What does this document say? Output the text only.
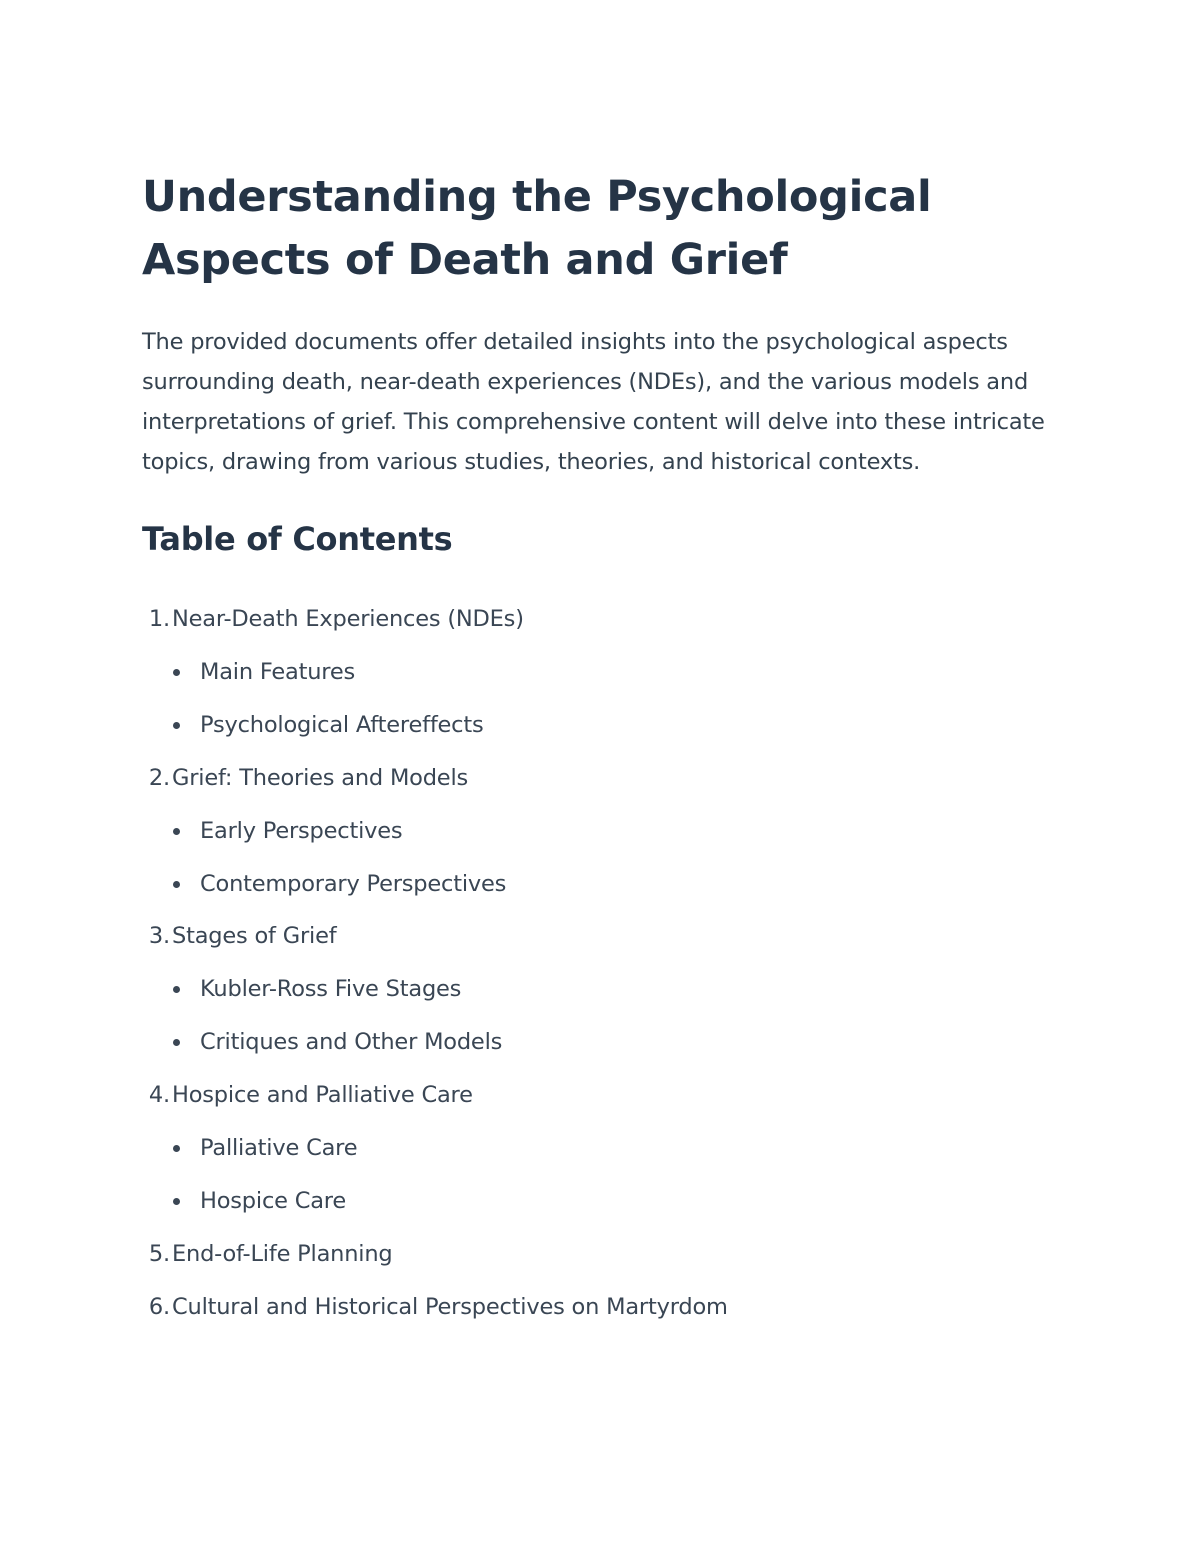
Understanding the Psychological Aspects of Death and Grief

The provided documents offer detailed insights into the psychological aspects surrounding death, near-death experiences (NDEs), and the various models and interpretations of grief. This comprehensive content will delve into these intricate topics, drawing from various studies, theories, and historical contexts.

Table of Contents
1.Near-Death Experiences (NDEs)
Main Features
Psychological Aftereffects
2.Grief: Theories and Models
Early Perspectives
Contemporary Perspectives
3.Stages of Grief
Kubler-Ross Five Stages
Critiques and Other Models
4.Hospice and Palliative Care
Palliative Care
Hospice Care
5.End-of-Life Planning
6.Cultural and Historical Perspectives on Martyrdom
